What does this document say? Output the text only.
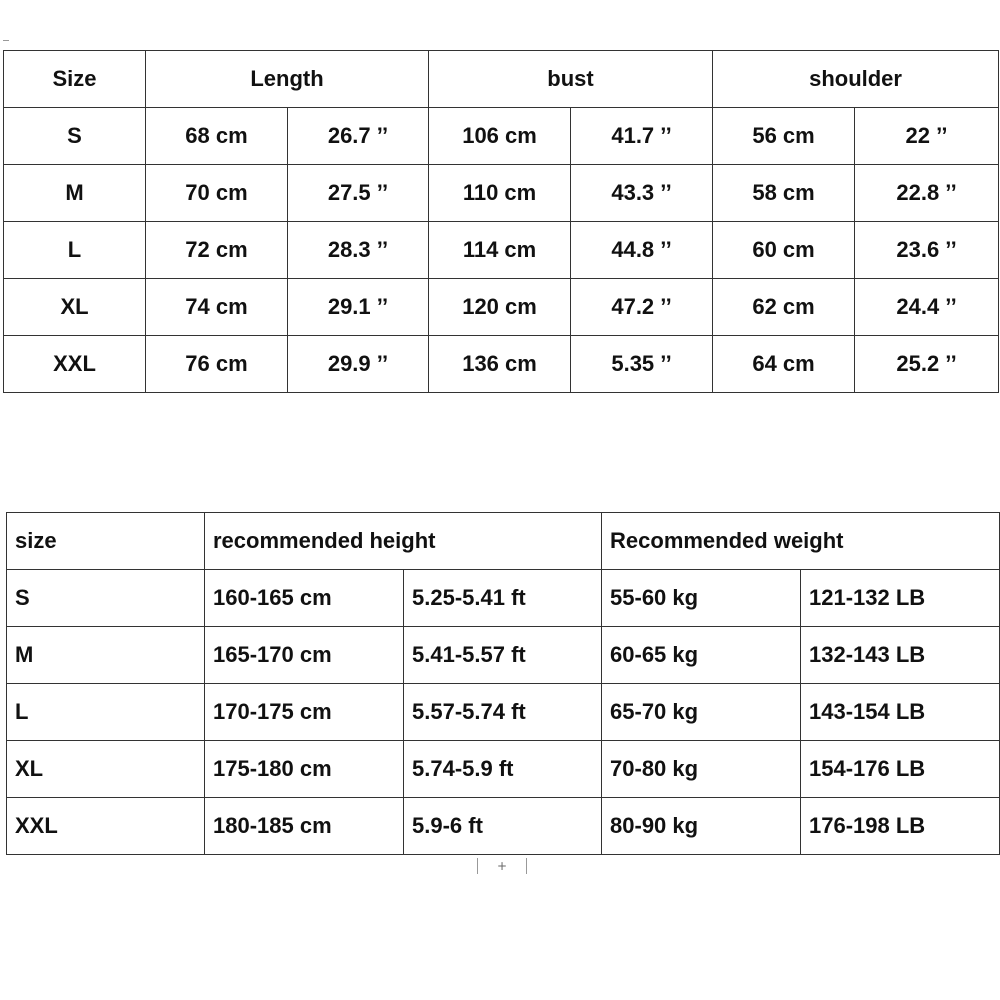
Size	Length		bust		shoulder	
S	68 cm	26.7 ’’	106 cm	41.7 ’’	56 cm	22 ’’
M	70 cm	27.5 ’’	110 cm	43.3 ’’	58 cm	22.8 ’’
L	72 cm	28.3 ’’	114 cm	44.8 ’’	60 cm	23.6 ’’
XL	74 cm	29.1 ’’	120 cm	47.2 ’’	62 cm	24.4 ’’
XXL	76 cm	29.9 ’’	136 cm	5.35 ’’	64 cm	25.2 ’’
size	recommended height		Recommended weight	
S	160-165 cm	5.25-5.41 ft	55-60 kg	121-132 LB
M	165-170 cm	5.41-5.57 ft	60-65 kg	132-143 LB
L	170-175 cm	5.57-5.74 ft	65-70 kg	143-154 LB
XL	175-180 cm	5.74-5.9 ft	70-80 kg	154-176 LB
XXL	180-185 cm	5.9-6 ft	80-90 kg	176-198 LB
+
